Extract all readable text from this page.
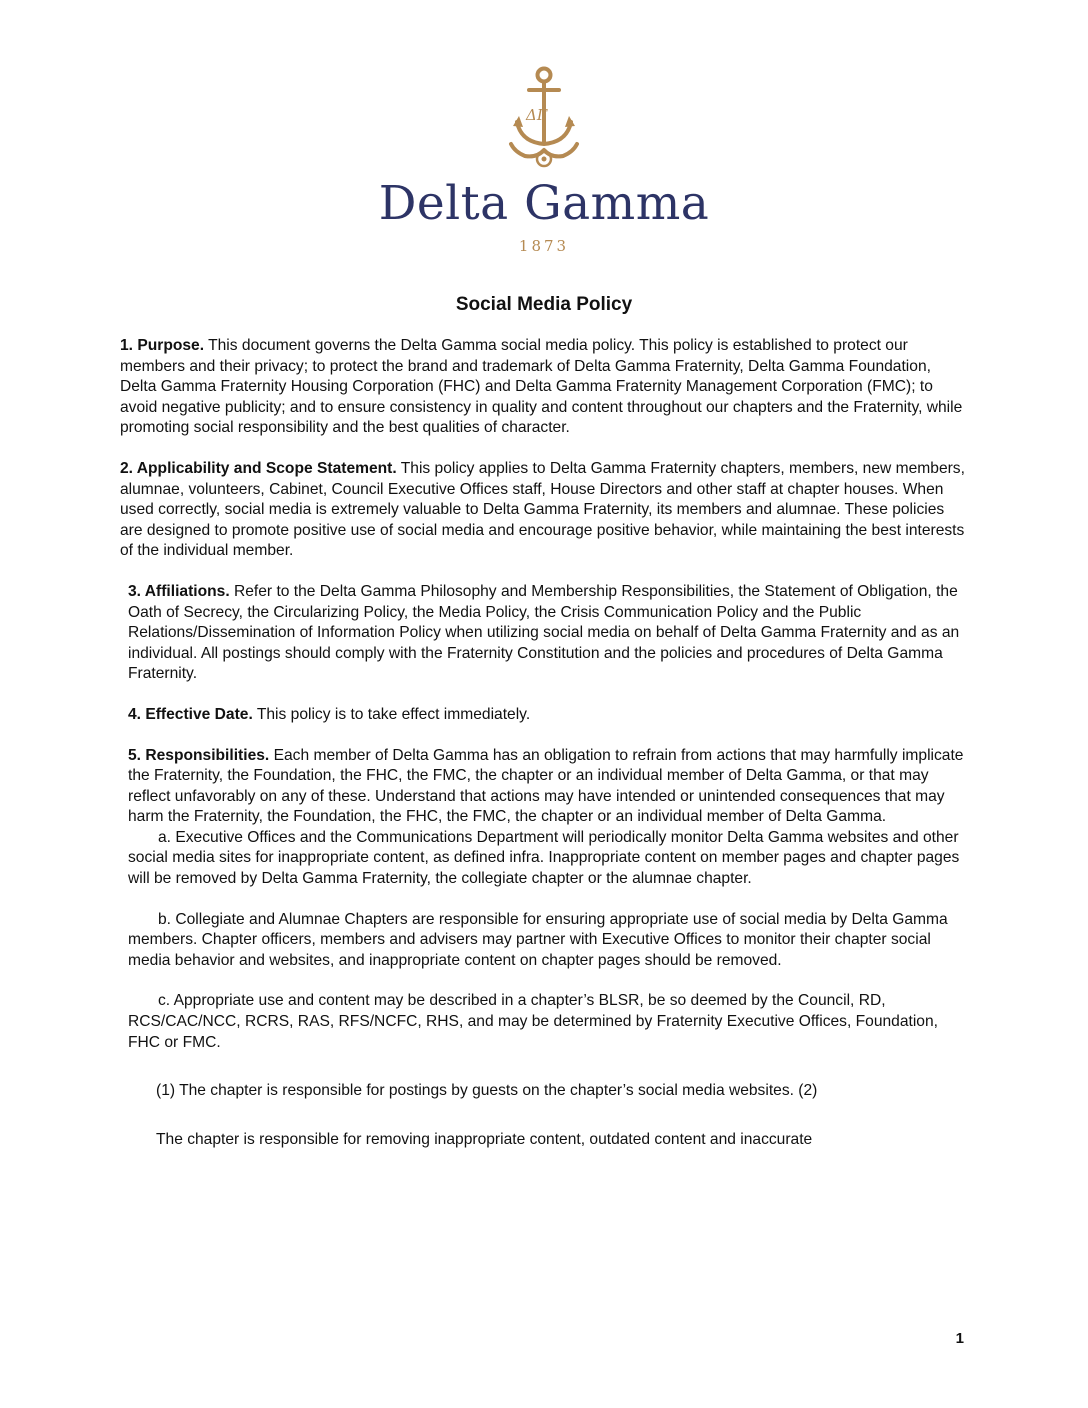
ΔΓ
Delta Gamma
1873
Social Media Policy

1. Purpose. This document governs the Delta Gamma social media policy. This policy is established to protect our members and their privacy; to protect the brand and trademark of Delta Gamma Fraternity, Delta Gamma Foundation, Delta Gamma Fraternity Housing Corporation (FHC) and Delta Gamma Fraternity Management Corporation (FMC); to avoid negative publicity; and to ensure consistency in quality and content throughout our chapters and the Fraternity, while promoting social responsibility and the best qualities of character.

2. Applicability and Scope Statement. This policy applies to Delta Gamma Fraternity chapters, members, new members, alumnae, volunteers, Cabinet, Council Executive Offices staff, House Directors and other staff at chapter houses. When used correctly, social media is extremely valuable to Delta Gamma Fraternity, its members and alumnae. These policies are designed to promote positive use of social media and encourage positive behavior, while maintaining the best interests of the individual member.

3. Affiliations. Refer to the Delta Gamma Philosophy and Membership Responsibilities, the Statement of Obligation, the Oath of Secrecy, the Circularizing Policy, the Media Policy, the Crisis Communication Policy and the Public Relations/Dissemination of Information Policy when utilizing social media on behalf of Delta Gamma Fraternity and as an individual. All postings should comply with the Fraternity Constitution and the policies and procedures of Delta Gamma Fraternity.

4. Effective Date. This policy is to take effect immediately.

5. Responsibilities. Each member of Delta Gamma has an obligation to refrain from actions that may harmfully implicate the Fraternity, the Foundation, the FHC, the FMC, the chapter or an individual member of Delta Gamma, or that may reflect unfavorably on any of these. Understand that actions may have intended or unintended consequences that may harm the Fraternity, the Foundation, the FHC, the FMC, the chapter or an individual member of Delta Gamma.

a. Executive Offices and the Communications Department will periodically monitor Delta Gamma websites and other social media sites for inappropriate content, as defined infra. Inappropriate content on member pages and chapter pages will be removed by Delta Gamma Fraternity, the collegiate chapter or the alumnae chapter.

b. Collegiate and Alumnae Chapters are responsible for ensuring appropriate use of social media by Delta Gamma members. Chapter officers, members and advisers may partner with Executive Offices to monitor their chapter social media behavior and websites, and inappropriate content on chapter pages should be removed.

c. Appropriate use and content may be described in a chapter’s BLSR, be so deemed by the Council, RD, RCS/CAC/NCC, RCRS, RAS, RFS/NCFC, RHS, and may be determined by Fraternity Executive Offices, Foundation, FHC or FMC.

(1) The chapter is responsible for postings by guests on the chapter’s social media websites. (2)

The chapter is responsible for removing inappropriate content, outdated content and inaccurate

1
